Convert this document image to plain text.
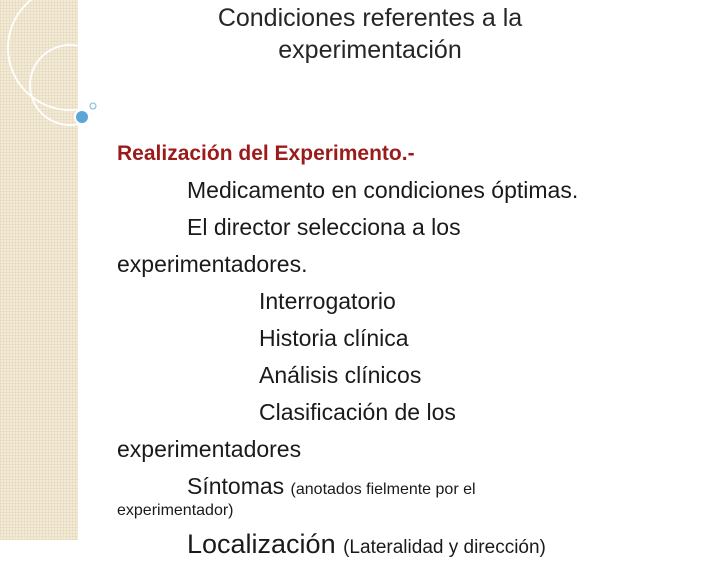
Condiciones referentes a la
experimentación
Realización del Experimento.-
Medicamento en condiciones óptimas.
El director selecciona a los
experimentadores.
Interrogatorio
Historia clínica
Análisis clínicos
Clasificación de los
experimentadores
Síntomas (anotados fielmente por el
experimentador)
Localización (Lateralidad y dirección)
